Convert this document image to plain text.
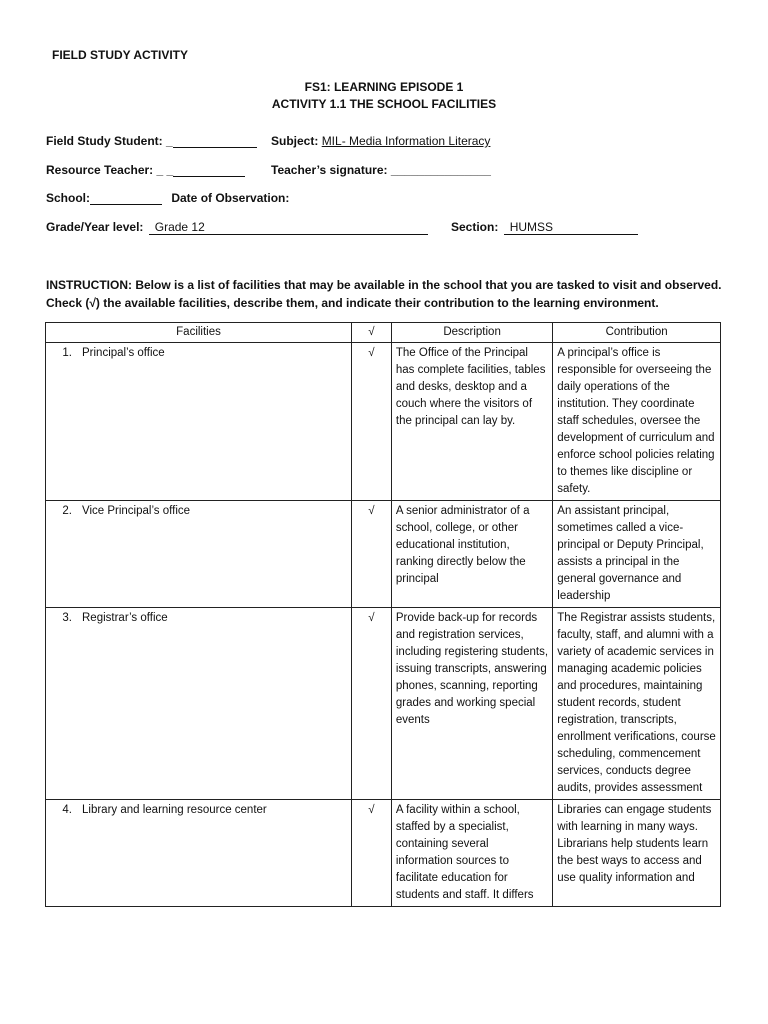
FIELD STUDY ACTIVITY
FS1: LEARNING EPISODE 1
ACTIVITY 1.1 THE SCHOOL FACILITIES
Field Study Student: _	Subject: MIL- Media Information Literacy
Resource Teacher: _ _	Teacher’s signature: _______________
School:	Date of Observation:
Grade/Year level: Grade 12	Section: HUMSS
INSTRUCTION: Below is a list of facilities that may be available in the school that you are tasked to visit and observed. Check (√) the available facilities, describe them, and indicate their contribution to the learning environment.
Facilities	√	Description	Contribution
1. Principal’s office	√	The Office of the Principal has complete facilities, tables and desks, desktop and a couch where the visitors of the principal can lay by.	A principal’s office is responsible for overseeing the daily operations of the institution. They coordinate staff schedules, oversee the development of curriculum and enforce school policies relating to themes like discipline or safety.
2. Vice Principal’s office	√	A senior administrator of a school, college, or other educational institution, ranking directly below the principal	An assistant principal, sometimes called a vice-principal or Deputy Principal, assists a principal in the general governance and leadership
3. Registrar’s office	√	Provide back-up for records and registration services, including registering students, issuing transcripts, answering phones, scanning, reporting grades and working special events	The Registrar assists students, faculty, staff, and alumni with a variety of academic services in managing academic policies and procedures, maintaining student records, student registration, transcripts, enrollment verifications, course scheduling, commencement services, conducts degree audits, provides assessment
4. Library and learning resource center	√	A facility within a school, staffed by a specialist, containing several information sources to facilitate education for students and staff. It differs	Libraries can engage students with learning in many ways. Librarians help students learn the best ways to access and use quality information and
